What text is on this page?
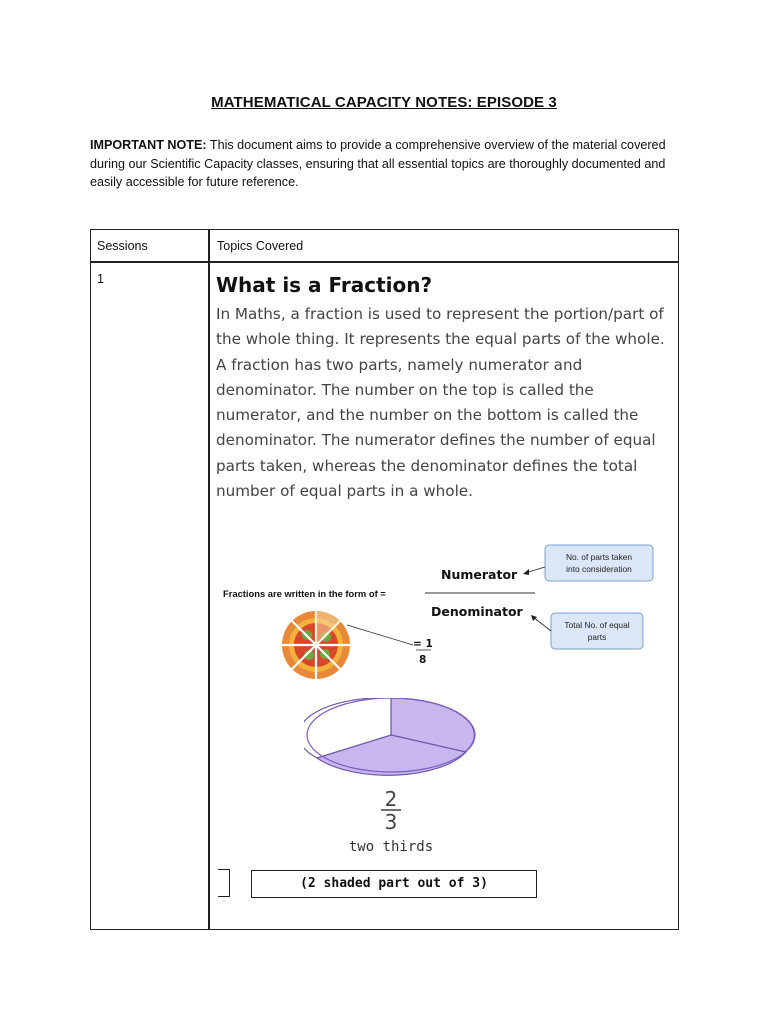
MATHEMATICAL CAPACITY NOTES: EPISODE 3
IMPORTANT NOTE: This document aims to provide a comprehensive overview of the material covered during our Scientific Capacity classes, ensuring that all essential topics are thoroughly documented and easily accessible for future reference.
Sessions	Topics Covered
1	What is a Fraction?
In Maths, a fraction is used to represent the portion/part of the whole thing. It represents the equal parts of the whole. A fraction has two parts, namely numerator and denominator. The number on the top is called the numerator, and the number on the bottom is called the denominator. The numerator defines the number of equal parts taken, whereas the denominator defines the total number of equal parts in a whole.
Fractions are written in the form of =
Numerator
Denominator
No. of parts taken
into consideration
Total No. of equal
parts
= 1
8
2
3
two thirds
(2 shaded part out of 3)
